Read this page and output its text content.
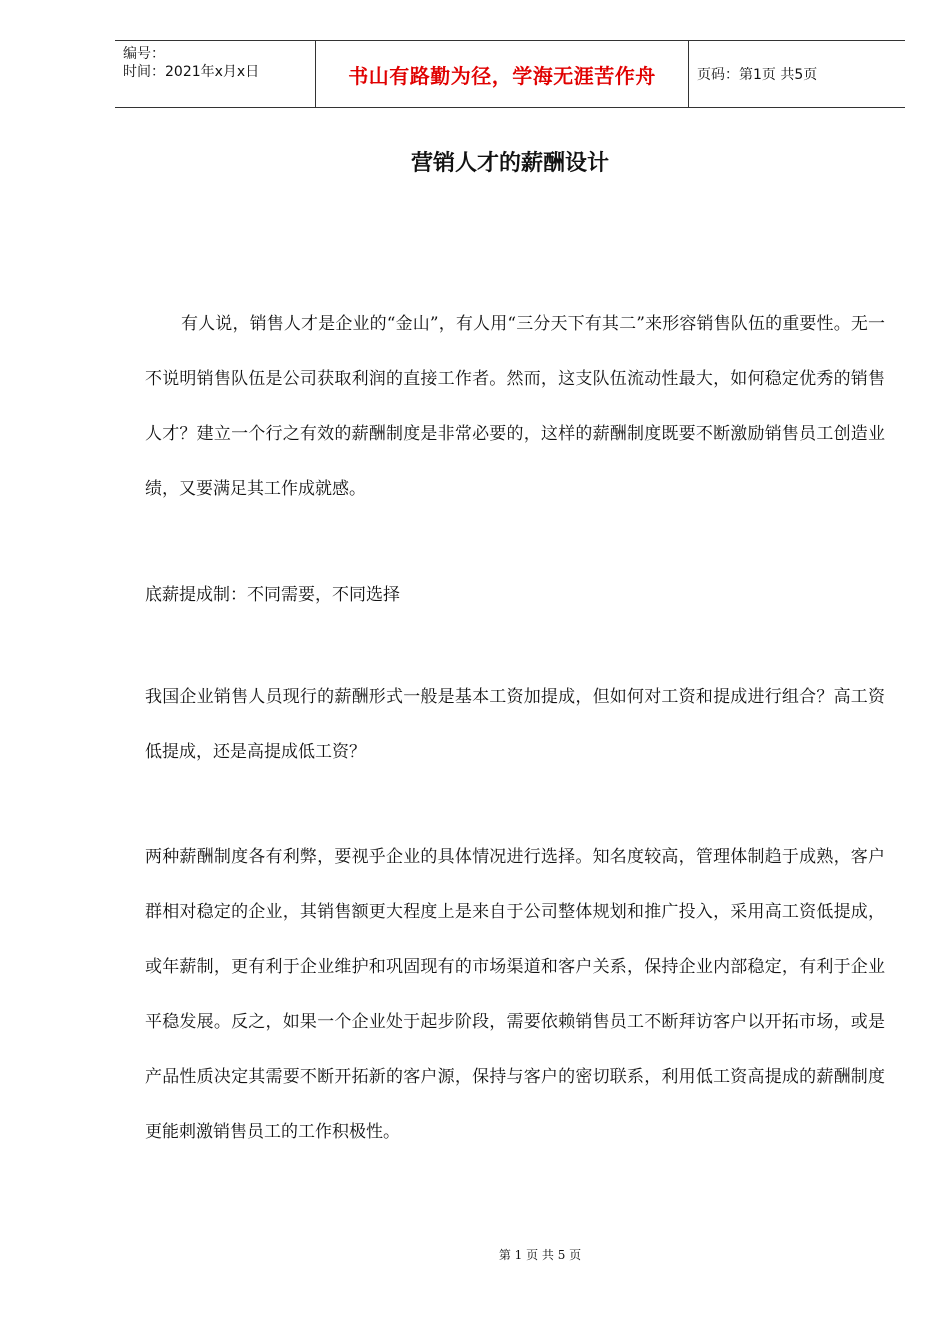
编号：
时间：2021年x月x日	书山有路勤为径，学海无涯苦作舟	页码：第1页 共5页
营销人才的薪酬设计

有人说，销售人才是企业的“金山”，有人用“三分天下有其二”来形容销售队伍的重要性。无一不说明销售队伍是公司获取利润的直接工作者。然而，这支队伍流动性最大，如何稳定优秀的销售人才？建立一个行之有效的薪酬制度是非常必要的，这样的薪酬制度既要不断激励销售员工创造业绩，又要满足其工作成就感。

底薪提成制：不同需要，不同选择

我国企业销售人员现行的薪酬形式一般是基本工资加提成，但如何对工资和提成进行组合？高工资低提成，还是高提成低工资？

两种薪酬制度各有利弊，要视乎企业的具体情况进行选择。知名度较高，管理体制趋于成熟，客户群相对稳定的企业，其销售额更大程度上是来自于公司整体规划和推广投入，采用高工资低提成，或年薪制，更有利于企业维护和巩固现有的市场渠道和客户关系，保持企业内部稳定，有利于企业平稳发展。反之，如果一个企业处于起步阶段，需要依赖销售员工不断拜访客户以开拓市场，或是产品性质决定其需要不断开拓新的客户源，保持与客户的密切联系，利用低工资高提成的薪酬制度更能刺激销售员工的工作积极性。

第 1 页 共 5 页
